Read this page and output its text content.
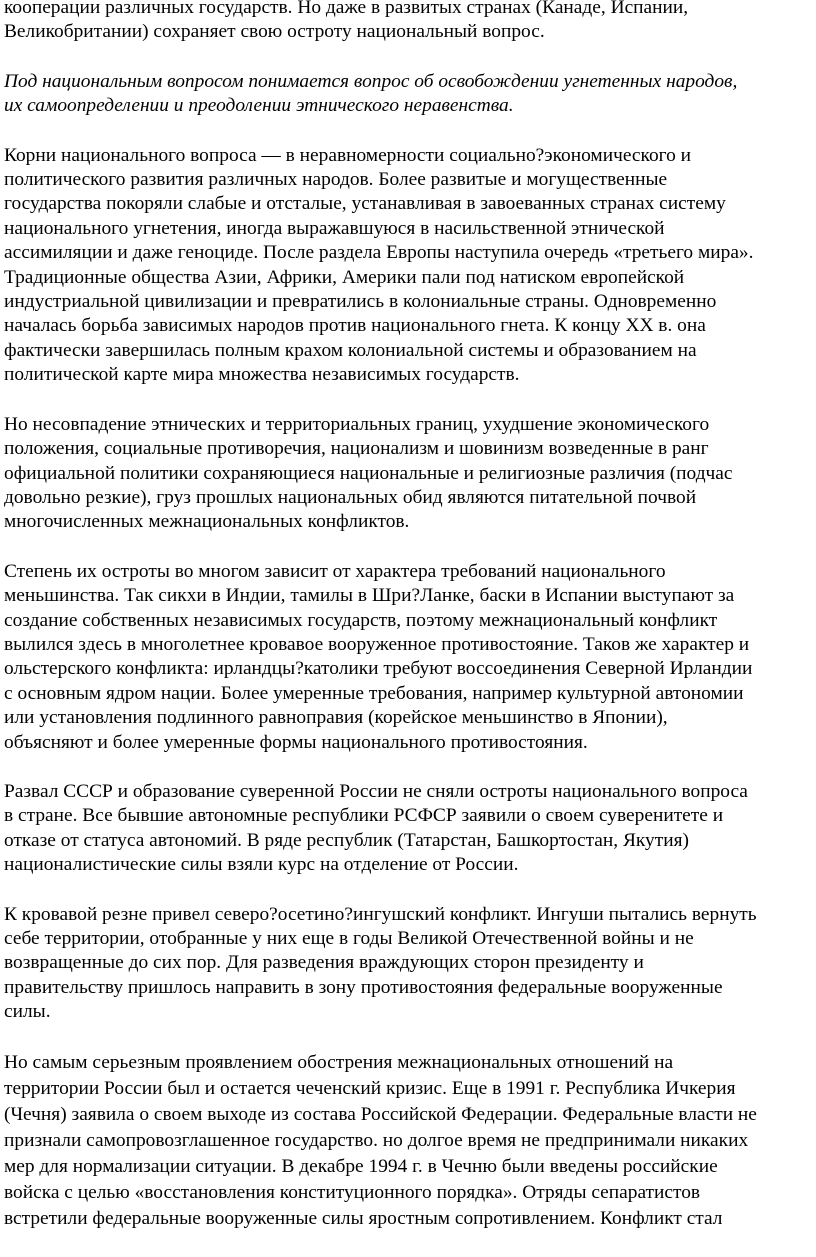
кооперации различных государств. Но даже в развитых странах (Канаде, Испании,
Великобритании) сохраняет свою остроту национальный вопрос.

Под национальным вопросом понимается вопрос об освобождении угнетенных народов,
их самоопределении и преодолении этнического неравенства.

Корни национального вопроса — в неравномерности социально?экономического и
политического развития различных народов. Более развитые и могущественные
государства покоряли слабые и отсталые, устанавливая в завоеванных странах систему
национального угнетения, иногда выражавшуюся в насильственной этнической
ассимиляции и даже геноциде. После раздела Европы наступила очередь «третьего мира».
Традиционные общества Азии, Африки, Америки пали под натиском европейской
индустриальной цивилизации и превратились в колониальные страны. Одновременно
началась борьба зависимых народов против национального гнета. К концу XX в. она
фактически завершилась полным крахом колониальной системы и образованием на
политической карте мира множества независимых государств.

Но несовпадение этнических и территориальных границ, ухудшение экономического
положения, социальные противоречия, национализм и шовинизм возведенные в ранг
официальной политики сохраняющиеся национальные и религиозные различия (подчас
довольно резкие), груз прошлых национальных обид являются питательной почвой
многочисленных межнациональных конфликтов.

Степень их остроты во многом зависит от характера требований национального
меньшинства. Так сикхи в Индии, тамилы в Шри?Ланке, баски в Испании выступают за
создание собственных независимых государств, поэтому межнациональный конфликт
вылился здесь в многолетнее кровавое вооруженное противостояние. Таков же характер и
ольстерского конфликта: ирландцы?католики требуют воссоединения Северной Ирландии
с основным ядром нации. Более умеренные требования, например культурной автономии
или установления подлинного равноправия (корейское меньшинство в Японии),
объясняют и более умеренные формы национального противостояния.

Развал СССР и образование суверенной России не сняли остроты национального вопроса
в стране. Все бывшие автономные республики РСФСР заявили о своем суверенитете и
отказе от статуса автономий. В ряде республик (Татарстан, Башкортостан, Якутия)
националистические силы взяли курс на отделение от России.

К кровавой резне привел северо?осетино?ингушский конфликт. Ингуши пытались вернуть
себе территории, отобранные у них еще в годы Великой Отечественной войны и не
возвращенные до сих пор. Для разведения враждующих сторон президенту и
правительству пришлось направить в зону противостояния федеральные вооруженные
силы.

Но самым серьезным проявлением обострения межнациональных отношений на
территории России был и остается чеченский кризис. Еще в 1991 г. Республика Ичкерия
(Чечня) заявила о своем выходе из состава Российской Федерации. Федеральные власти не
признали самопровозглашенное государство. но долгое время не предпринимали никаких
мер для нормализации ситуации. В декабре 1994 г. в Чечню были введены российские
войска с целью «восстановления конституционного порядка». Отряды сепаратистов
встретили федеральные вооруженные силы яростным сопротивлением. Конфликт стал
